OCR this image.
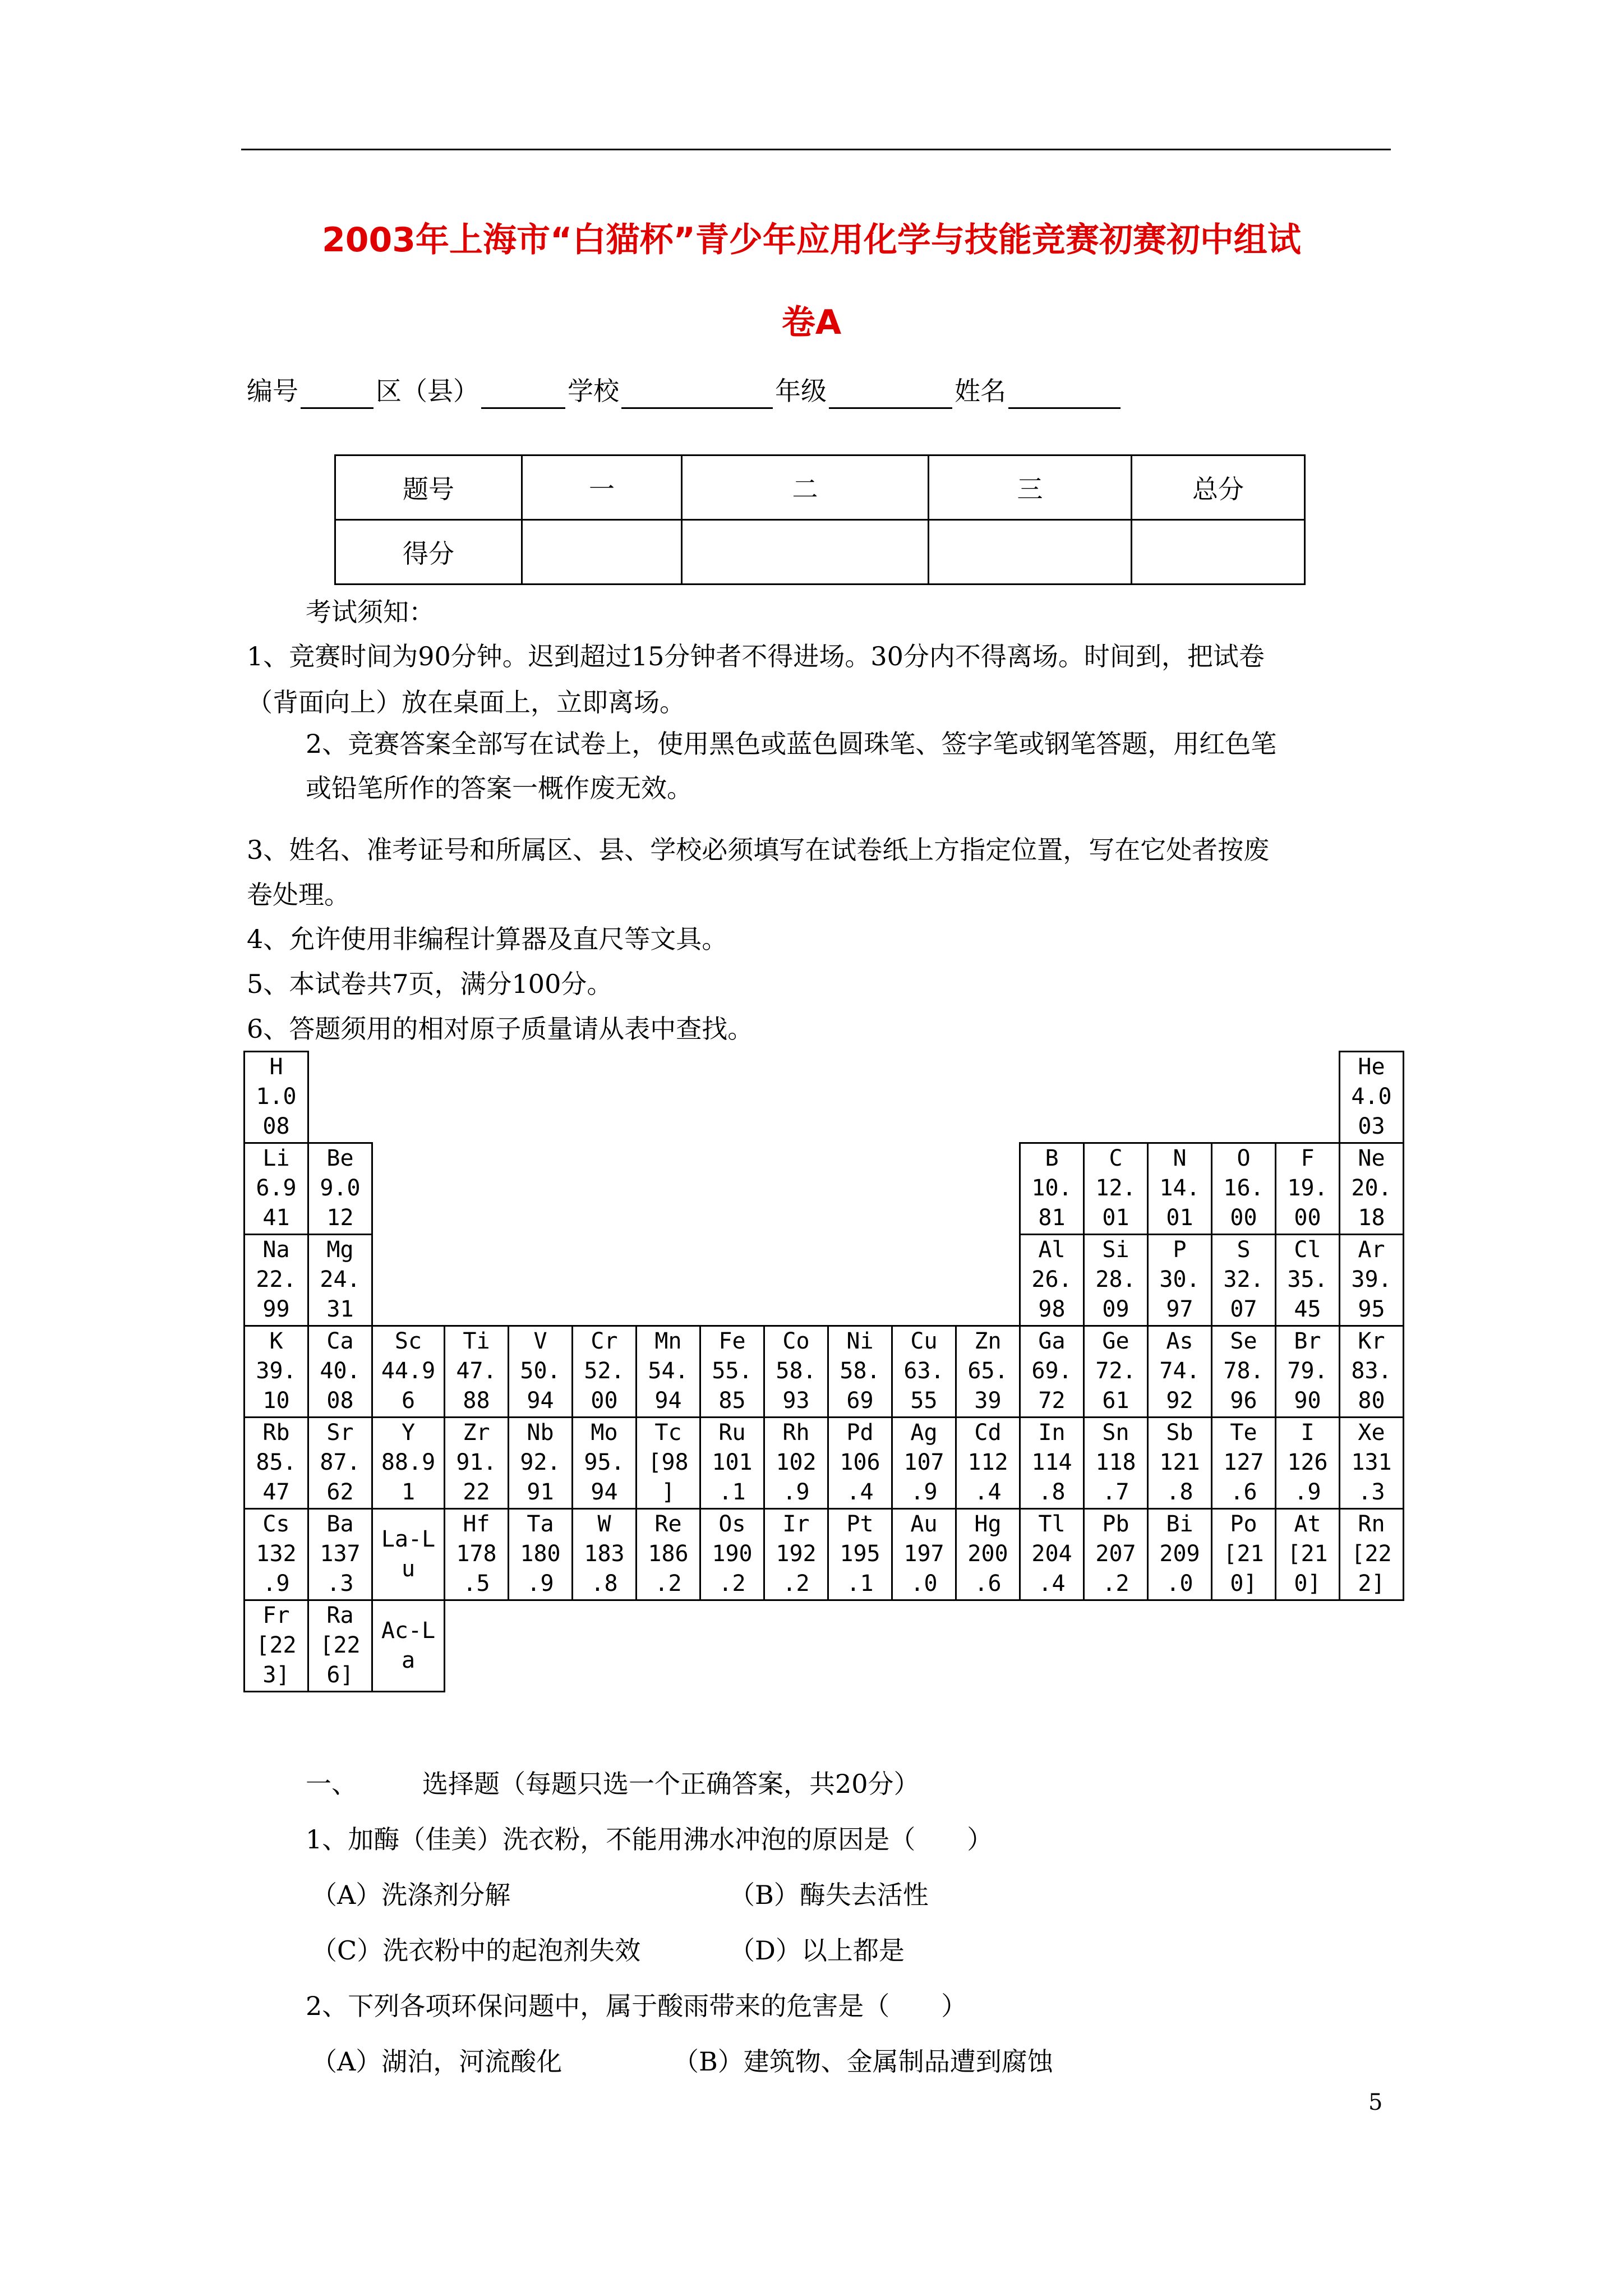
2003年上海市“白猫杯”青少年应用化学与技能竞赛初赛初中组试
卷A
编号	区（县）	学校	年级	姓名
题号	一	二	三	总分
得分				

考试须知：

1、竞赛时间为90分钟。迟到超过15分钟者不得进场。30分内不得离场。时间到，把试卷

（背面向上）放在桌面上，立即离场。

2、竞赛答案全部写在试卷上，使用黑色或蓝色圆珠笔、签字笔或钢笔答题，用红色笔

或铅笔所作的答案一概作废无效。

3、姓名、准考证号和所属区、县、学校必须填写在试卷纸上方指定位置，写在它处者按废

卷处理。

4、允许使用非编程计算器及直尺等文具。

5、本试卷共7页，满分100分。

6、答题须用的相对原子质量请从表中查找。

H
1.0
08																	He
4.0
03

Li
6.9
41	Be
9.0
12											B
10.
81	C
12.
01	N
14.
01	O
16.
00	F
19.
00	Ne
20.
18

Na
22.
99	Mg
24.
31											Al
26.
98	Si
28.
09	P
30.
97	S
32.
07	Cl
35.
45	Ar
39.
95

K
39.
10	Ca
40.
08	Sc
44.9
6	Ti
47.
88	V
50.
94	Cr
52.
00	Mn
54.
94	Fe
55.
85	Co
58.
93	Ni
58.
69	Cu
63.
55	Zn
65.
39	Ga
69.
72	Ge
72.
61	As
74.
92	Se
78.
96	Br
79.
90	Kr
83.
80

Rb
85.
47	Sr
87.
62	Y
88.9
1	Zr
91.
22	Nb
92.
91	Mo
95.
94	Tc
[98
]	Ru
101
.1	Rh
102
.9	Pd
106
.4	Ag
107
.9	Cd
112
.4	In
114
.8	Sn
118
.7	Sb
121
.8	Te
127
.6	I
126
.9	Xe
131
.3

Cs
132
.9	Ba
137
.3	La-L
u	Hf
178
.5	Ta
180
.9	W
183
.8	Re
186
.2	Os
190
.2	Ir
192
.2	Pt
195
.1	Au
197
.0	Hg
200
.6	Tl
204
.4	Pb
207
.2	Bi
209
.0	Po
[21
0]	At
[21
0]	Rn
[22
2]

Fr
[22
3]	Ra
[22
6]	Ac-L
a															

一、	选择题（每题只选一个正确答案，共20分）

1、加酶（佳美）洗衣粉，不能用沸水冲泡的原因是（　　）

（A）洗涤剂分解	（B）酶失去活性

（C）洗衣粉中的起泡剂失效	（D）以上都是

2、下列各项环保问题中，属于酸雨带来的危害是（　　）

（A）湖泊，河流酸化	（B）建筑物、金属制品遭到腐蚀

5
